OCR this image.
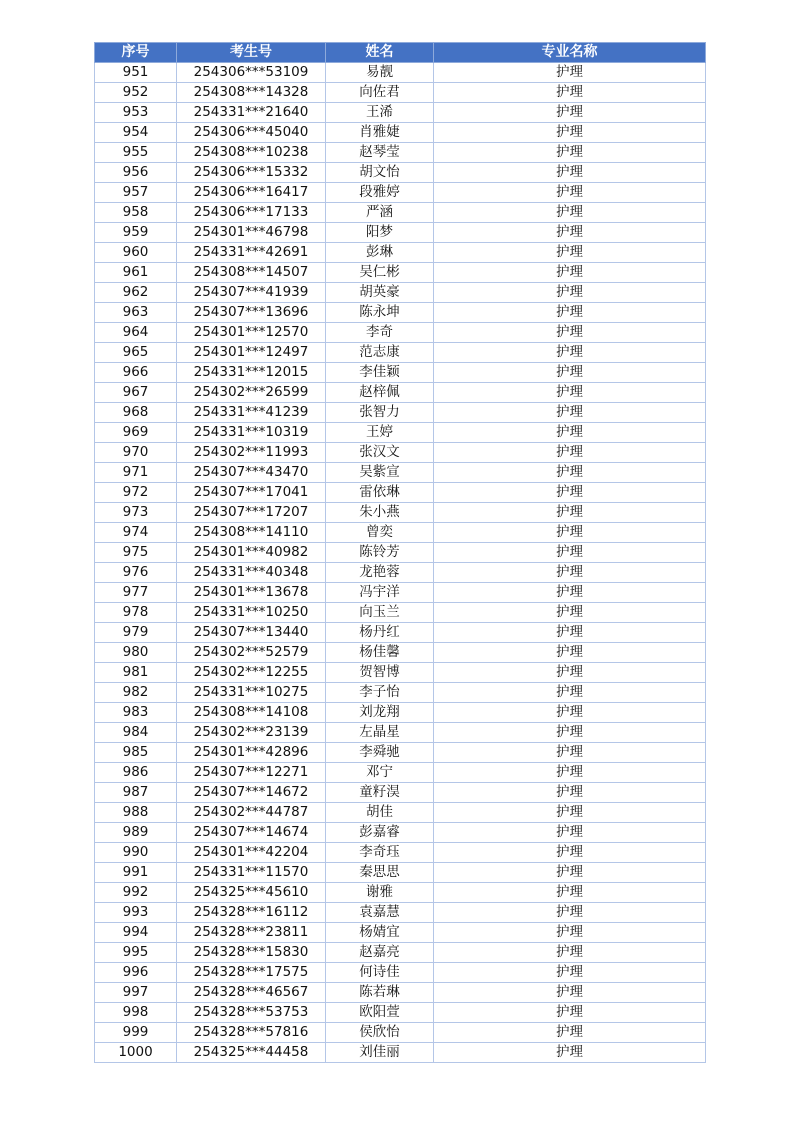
序号	考生号	姓名	专业名称
951	254306***53109	易靓	护理
952	254308***14328	向佐君	护理
953	254331***21640	王浠	护理
954	254306***45040	肖雅婕	护理
955	254308***10238	赵琴莹	护理
956	254306***15332	胡文怡	护理
957	254306***16417	段雅婷	护理
958	254306***17133	严涵	护理
959	254301***46798	阳梦	护理
960	254331***42691	彭琳	护理
961	254308***14507	吴仁彬	护理
962	254307***41939	胡英豪	护理
963	254307***13696	陈永坤	护理
964	254301***12570	李奇	护理
965	254301***12497	范志康	护理
966	254331***12015	李佳颖	护理
967	254302***26599	赵梓佩	护理
968	254331***41239	张智力	护理
969	254331***10319	王婷	护理
970	254302***11993	张汉文	护理
971	254307***43470	吴紫宣	护理
972	254307***17041	雷依琳	护理
973	254307***17207	朱小燕	护理
974	254308***14110	曾奕	护理
975	254301***40982	陈铃芳	护理
976	254331***40348	龙艳蓉	护理
977	254301***13678	冯宇洋	护理
978	254331***10250	向玉兰	护理
979	254307***13440	杨丹红	护理
980	254302***52579	杨佳馨	护理
981	254302***12255	贺智博	护理
982	254331***10275	李子怡	护理
983	254308***14108	刘龙翔	护理
984	254302***23139	左晶星	护理
985	254301***42896	李舜驰	护理
986	254307***12271	邓宁	护理
987	254307***14672	童籽淏	护理
988	254302***44787	胡佳	护理
989	254307***14674	彭嘉睿	护理
990	254301***42204	李奇珏	护理
991	254331***11570	秦思思	护理
992	254325***45610	谢雅	护理
993	254328***16112	袁嘉慧	护理
994	254328***23811	杨婧宜	护理
995	254328***15830	赵嘉亮	护理
996	254328***17575	何诗佳	护理
997	254328***46567	陈若琳	护理
998	254328***53753	欧阳萱	护理
999	254328***57816	侯欣怡	护理
1000	254325***44458	刘佳丽	护理
